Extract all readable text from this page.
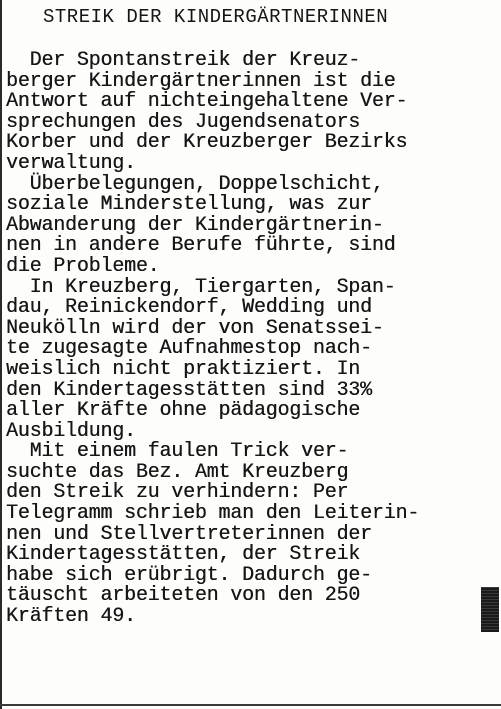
STREIK DER KINDERGÄRTNERINNEN
Der Spontanstreik der Kreuz-
berger Kindergärtnerinnen ist die
Antwort auf nichteingehaltene Ver-
sprechungen des Jugendsenators
Korber und der Kreuzberger Bezirks
verwaltung.
Überbelegungen, Doppelschicht,
soziale Minderstellung, was zur
Abwanderung der Kindergärtnerin-
nen in andere Berufe führte, sind
die Probleme.
In Kreuzberg, Tiergarten, Span-
dau, Reinickendorf, Wedding und
Neukölln wird der von Senatssei-
te zugesagte Aufnahmestop nach-
weislich nicht praktiziert. In
den Kindertagesstätten sind 33%
aller Kräfte ohne pädagogische
Ausbildung.
Mit einem faulen Trick ver-
suchte das Bez. Amt Kreuzberg
den Streik zu verhindern: Per
Telegramm schrieb man den Leiterin-
nen und Stellvertreterinnen der
Kindertagesstätten, der Streik
habe sich erübrigt. Dadurch ge-
täuscht arbeiteten von den 250
Kräften 49.
